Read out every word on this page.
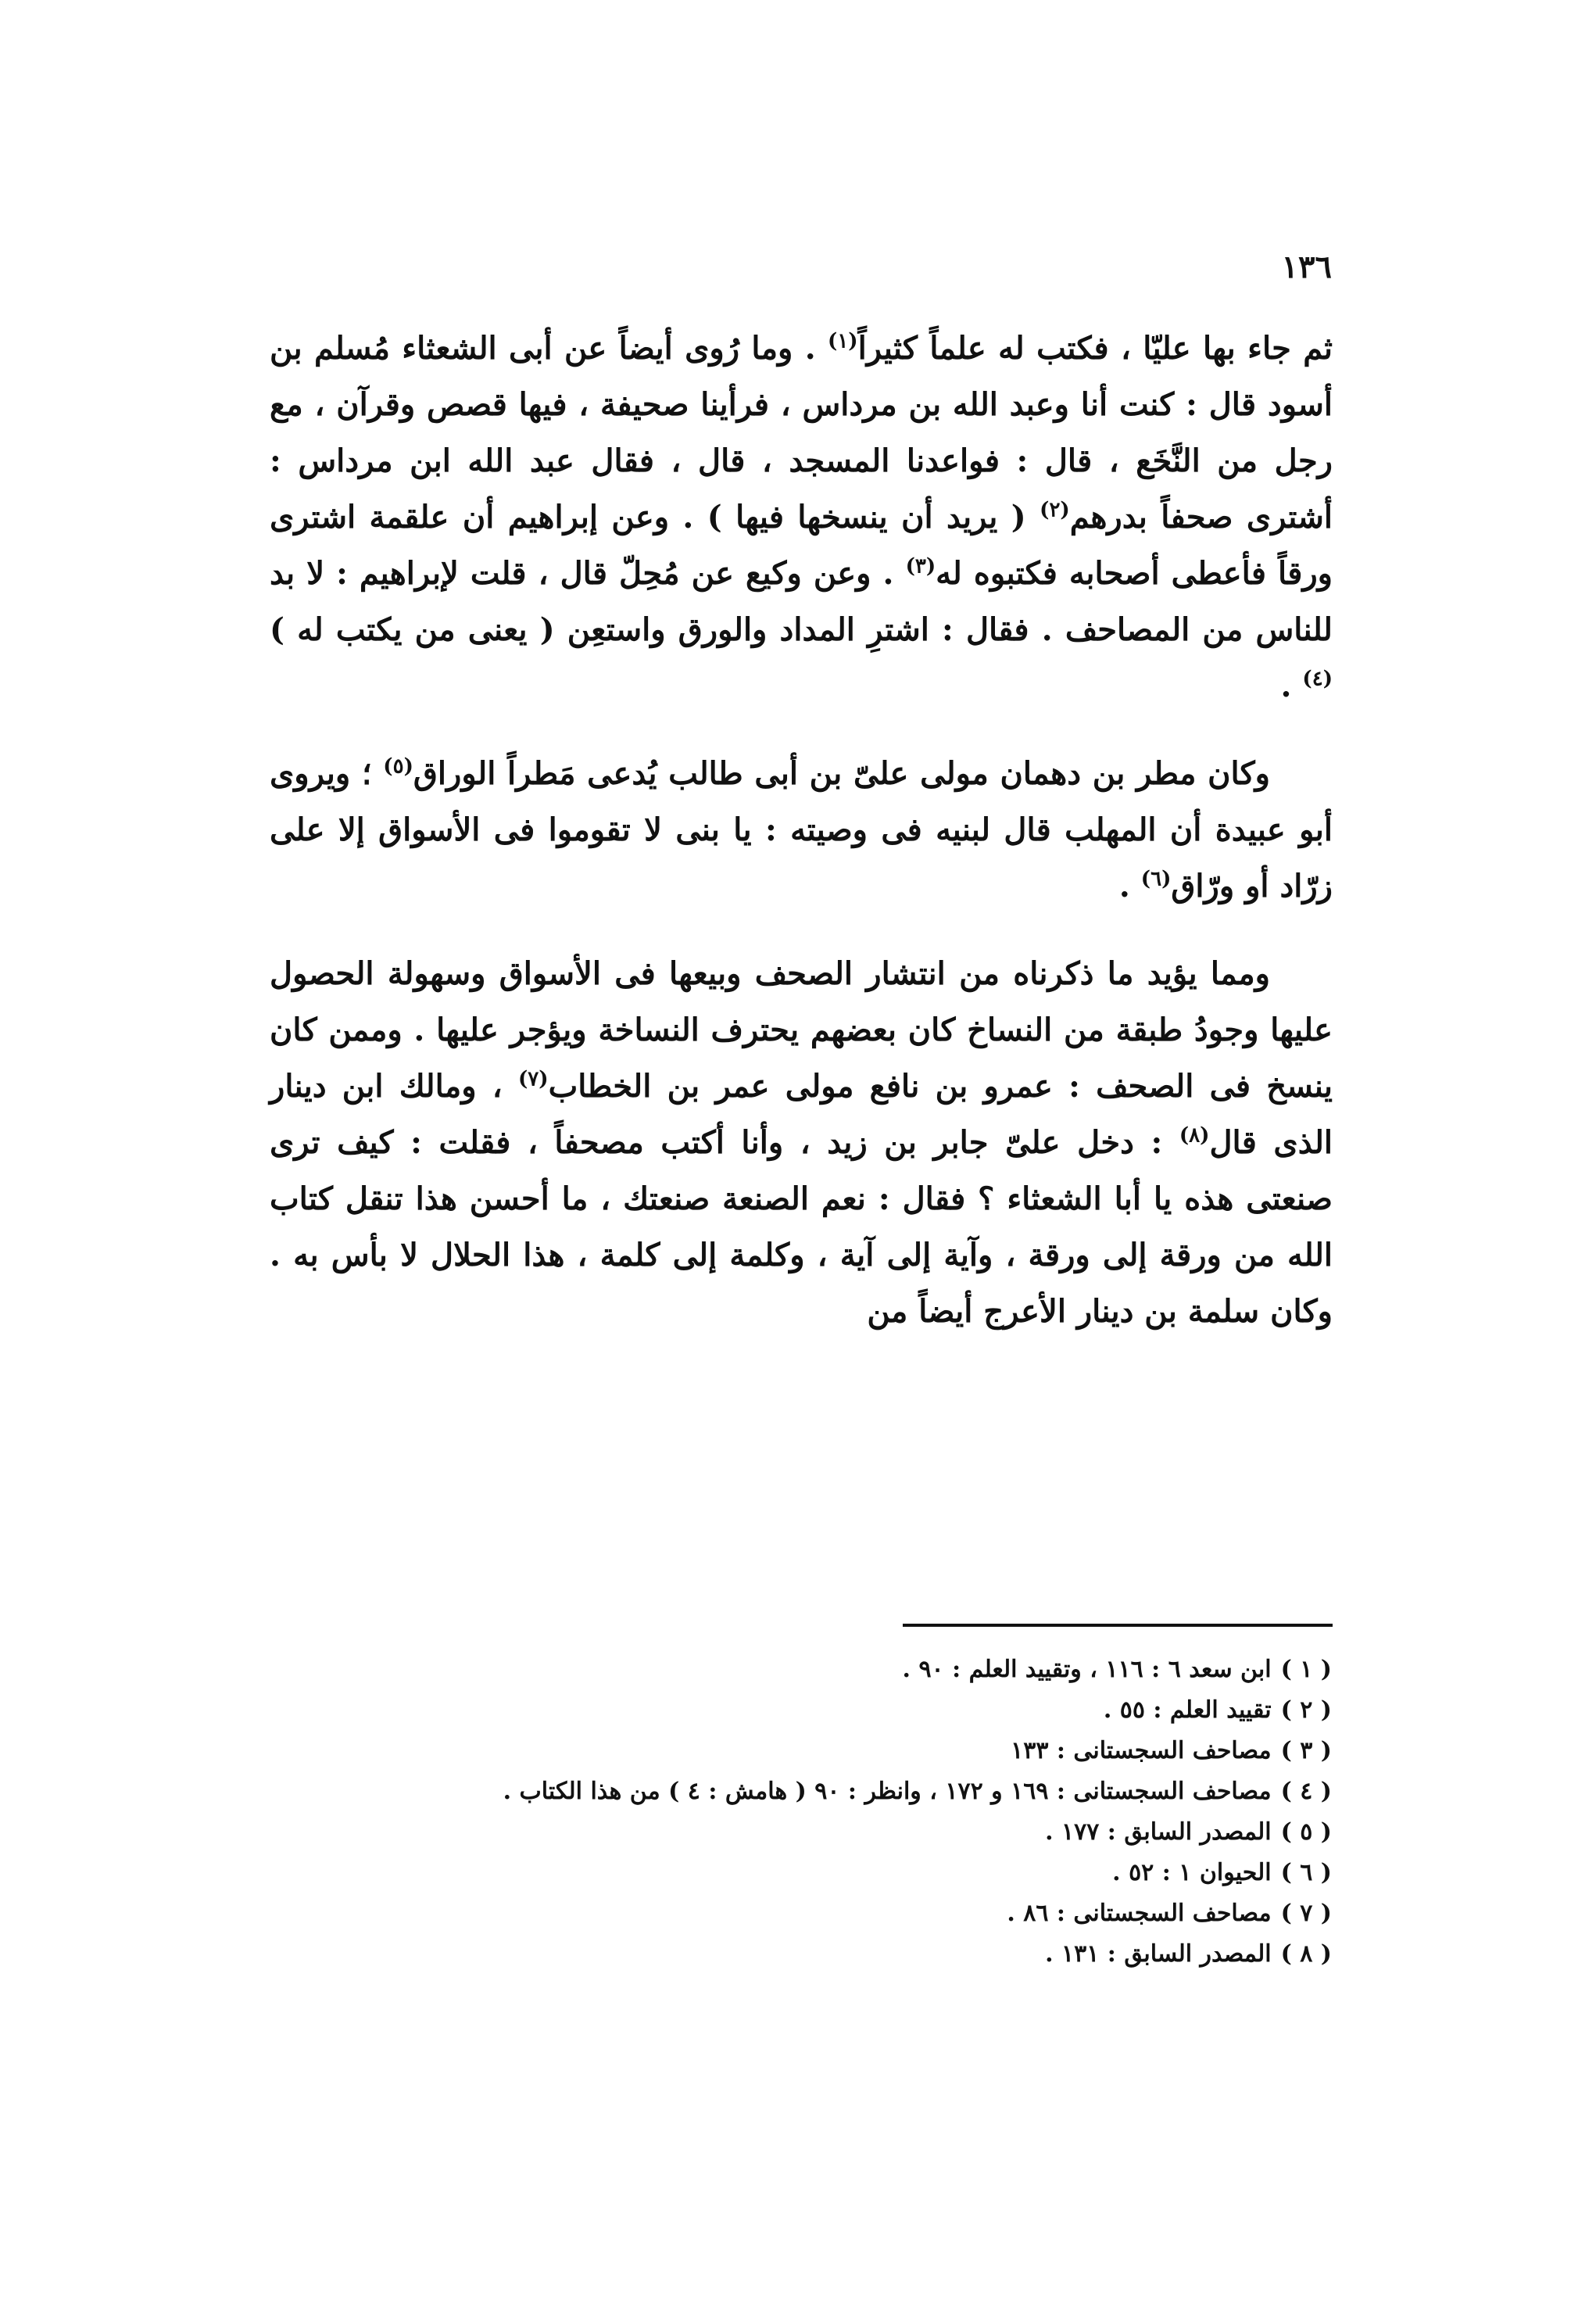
١٣٦

ثم جاء بها عليّا ، فكتب له علماً كثيراً$^{(١)}$ . وما رُوى أيضاً عن أبى الشعثاء مُسلم بن أسود قال : كنت أنا وعبد الله بن مرداس ، فرأينا صحيفة ، فيها قصص وقرآن ، مع رجل من النَّخَع ، قال : فواعدنا المسجد ، قال ، فقال عبد الله ابن مرداس : أشترى صحفاً بدرهم$^{(٢)}$ ( يريد أن ينسخها فيها ) . وعن إبراهيم أن علقمة اشترى ورقاً فأعطى أصحابه فكتبوه له$^{(٣)}$ . وعن وكيع عن مُحِلّ قال ، قلت لإبراهيم : لا بد للناس من المصاحف . فقال : اشترِ المداد والورق واستعِن ( يعنى من يكتب له )$^{(٤)}$ .

وكان مطر بن دهمان مولى علىّ بن أبى طالب يُدعى مَطراً الوراق$^{(٥)}$ ؛ ويروى أبو عبيدة أن المهلب قال لبنيه فى وصيته : يا بنى لا تقوموا فى الأسواق إلا على زرّاد أو ورّاق$^{(٦)}$ .

ومما يؤيد ما ذكرناه من انتشار الصحف وبيعها فى الأسواق وسهولة الحصول عليها وجودُ طبقة من النساخ كان بعضهم يحترف النساخة ويؤجر عليها . وممن كان ينسخ فى الصحف : عمرو بن نافع مولى عمر بن الخطاب$^{(٧)}$ ، ومالك ابن دينار الذى قال$^{(٨)}$ : دخل علىّ جابر بن زيد ، وأنا أكتب مصحفاً ، فقلت : كيف ترى صنعتى هذه يا أبا الشعثاء ؟ فقال : نعم الصنعة صنعتك ، ما أحسن هذا تنقل كتاب الله من ورقة إلى ورقة ، وآية إلى آية ، وكلمة إلى كلمة ، هذا الحلال لا بأس به . وكان سلمة بن دينار الأعرج أيضاً من

( ١ )ابن سعد ٦ : ١١٦ ، وتقييد العلم : ٩٠ .
( ٢ )تقييد العلم : ٥٥ .
( ٣ )مصاحف السجستانى : ١٣٣
( ٤ )مصاحف السجستانى : ١٦٩ و ١٧٢ ، وانظر : ٩٠ ( هامش : ٤ ) من هذا الكتاب .
( ٥ )المصدر السابق : ١٧٧ .
( ٦ )الحيوان ١ : ٥٢ .
( ٧ )مصاحف السجستانى : ٨٦ .
( ٨ )المصدر السابق : ١٣١ .
